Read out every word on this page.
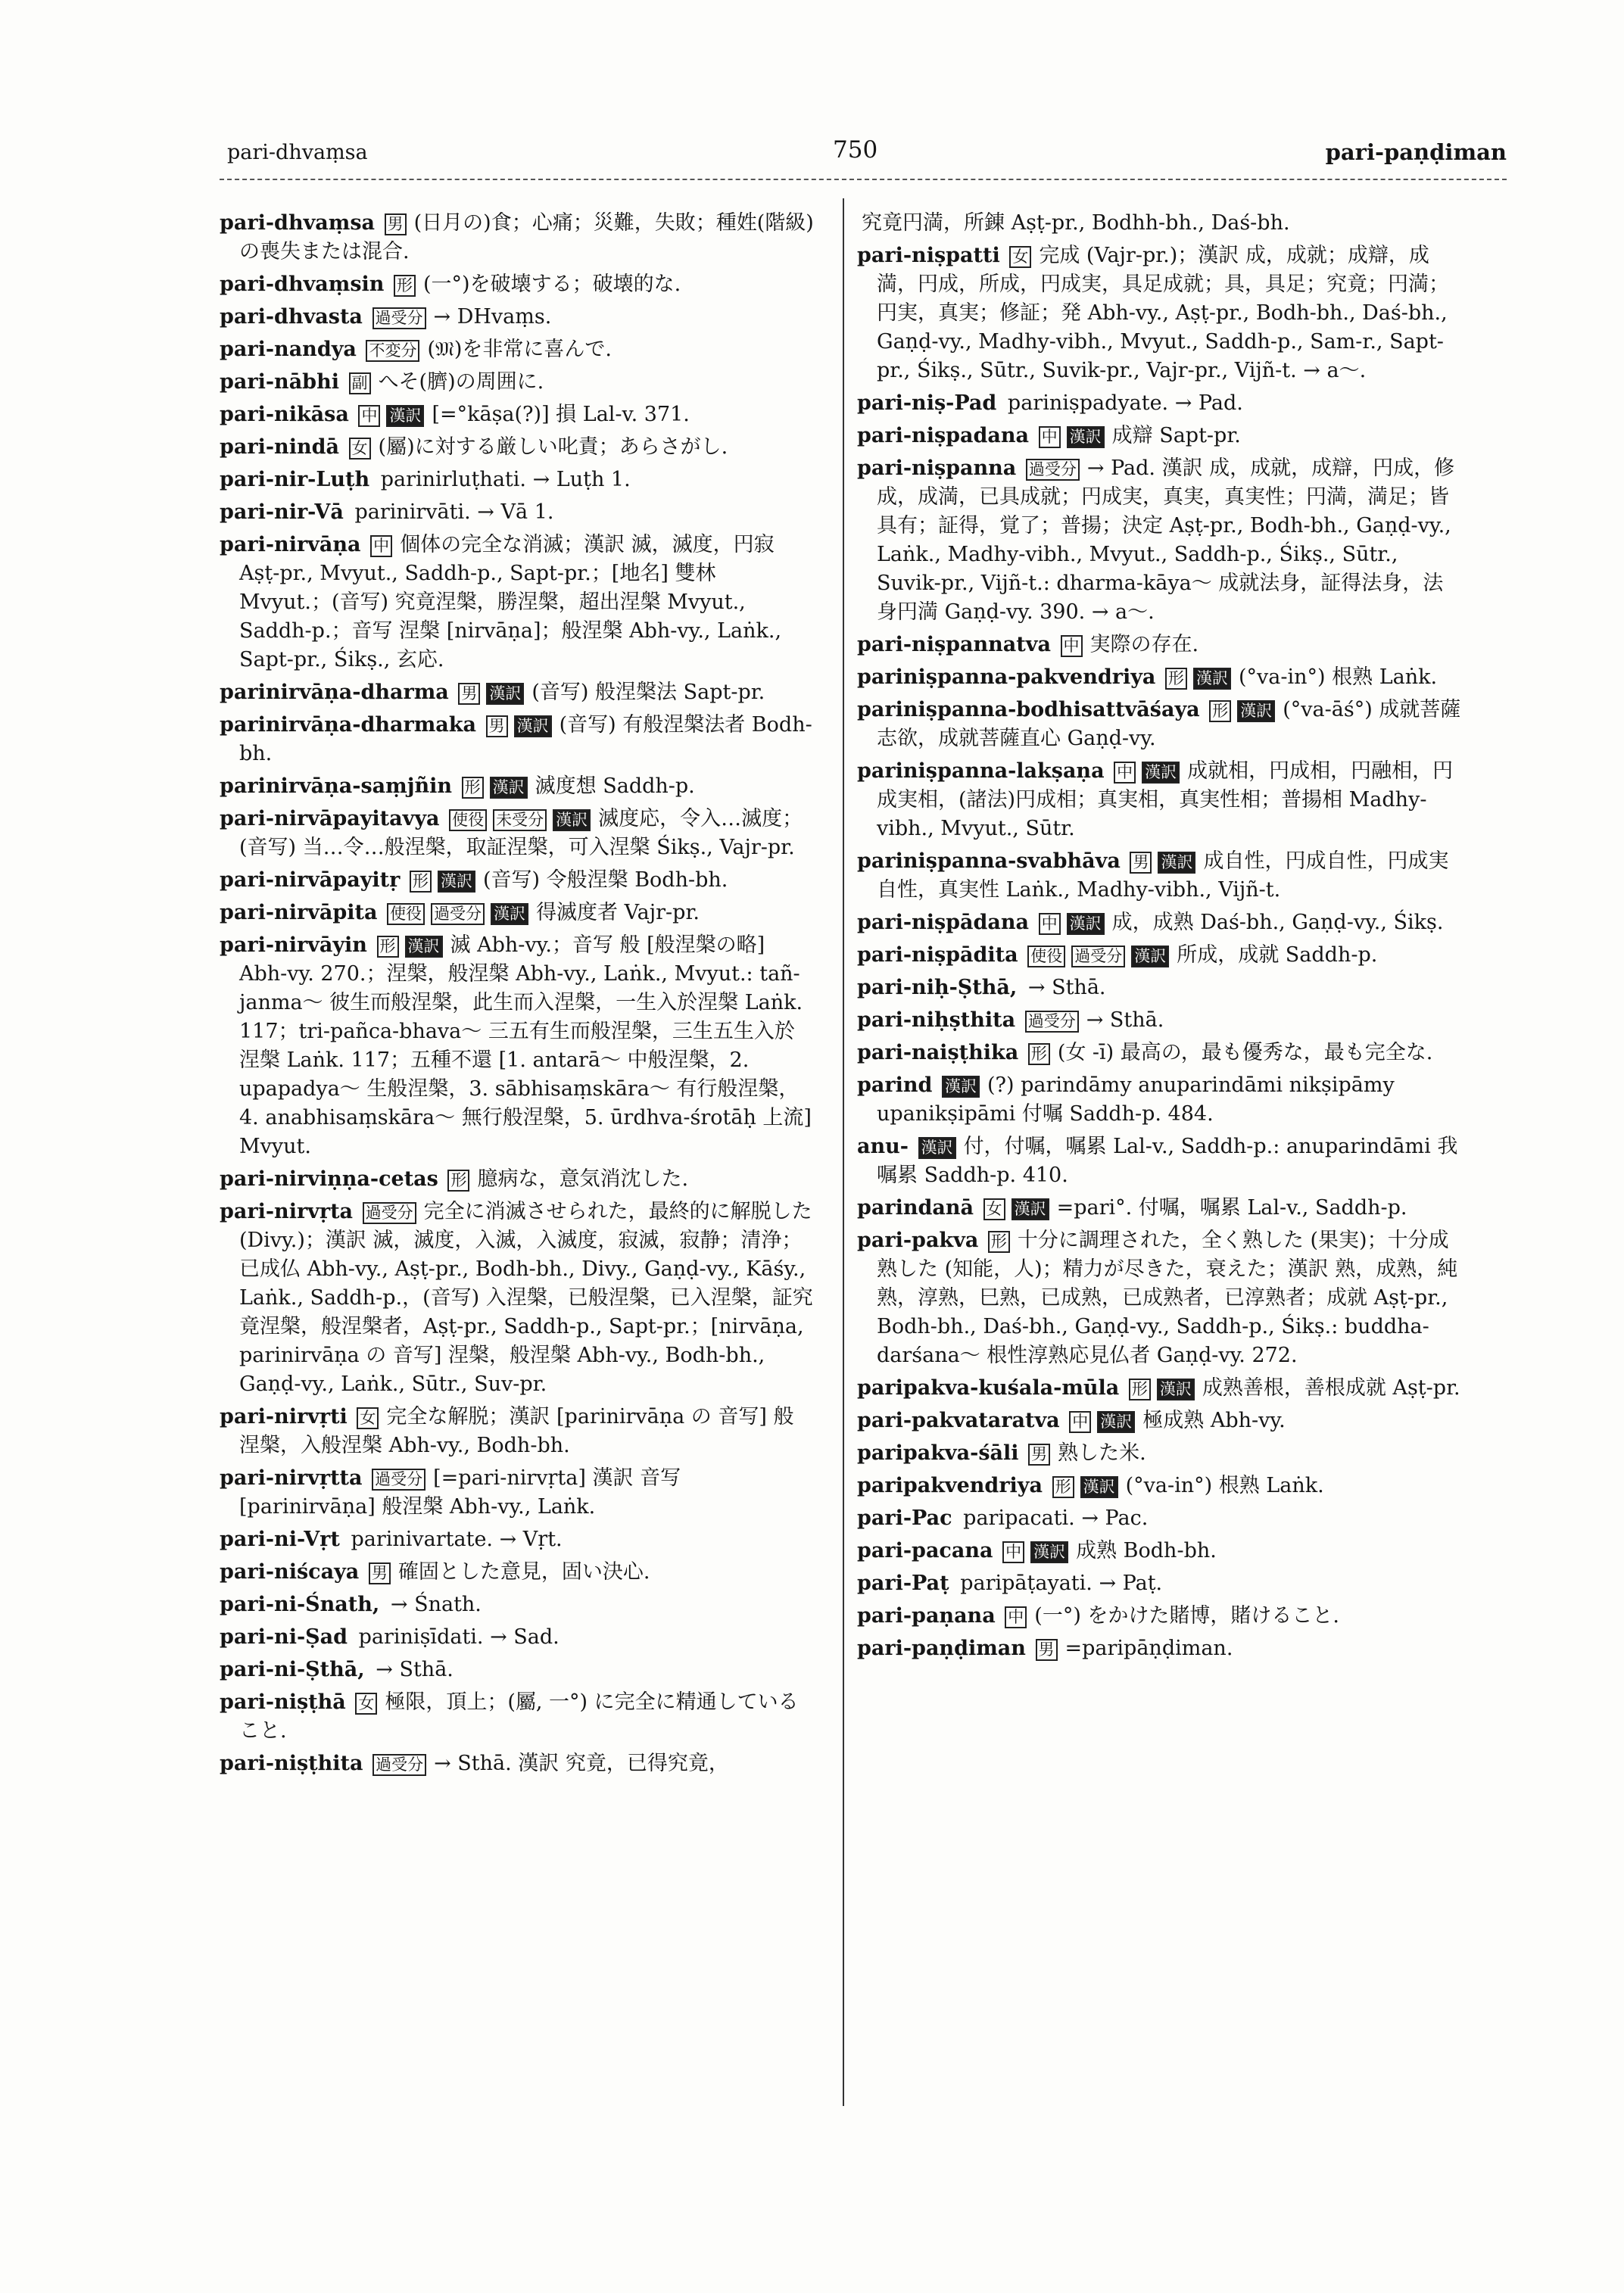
pari-dhvaṃsa	750	pari-paṇḍiman
pari-dhvaṃsa 男 (日月の)食；心痛；災難，失敗；種姓(階級)の喪失または混合.
pari-dhvaṃsin 形 (一°)を破壊する；破壊的な.
pari-dhvasta 過受分 → DHvaṃs.
pari-nandya 不変分 (𝔐)を非常に喜んで.
pari-nābhi 副 へそ(臍)の周囲に.
pari-nikāsa 中 漢訳 [=°kāṣa(?)] 損 Lal-v. 371.
pari-nindā 女 (屬)に対する厳しい叱責；あらさがし.
pari-nir-Luṭh parinirluṭhati. → Luṭh 1.
pari-nir-Vā parinirvāti. → Vā 1.
pari-nirvāṇa 中 個体の完全な消滅；漢訳 滅，滅度，円寂 Aṣṭ-pr., Mvyut., Saddh-p., Sapt-pr.；[地名] 雙林 Mvyut.；(音写) 究竟涅槃，勝涅槃，超出涅槃 Mvyut., Saddh-p.；音写 涅槃 [nirvāṇa]；般涅槃 Abh-vy., Laṅk., Sapt-pr., Śikṣ., 玄応.
parinirvāṇa-dharma 男 漢訳 (音写) 般涅槃法 Sapt-pr.
parinirvāṇa-dharmaka 男 漢訳 (音写) 有般涅槃法者 Bodh-bh.
parinirvāṇa-saṃjñin 形 漢訳 滅度想 Saddh-p.
pari-nirvāpayitavya 使役 未受分 漢訳 滅度応，令入…滅度；(音写) 当…令…般涅槃，取証涅槃，可入涅槃 Śikṣ., Vajr-pr.
pari-nirvāpayitṛ 形 漢訳 (音写) 令般涅槃 Bodh-bh.
pari-nirvāpita 使役 過受分 漢訳 得滅度者 Vajr-pr.
pari-nirvāyin 形 漢訳 滅 Abh-vy.；音写 般 [般涅槃の略] Abh-vy. 270.；涅槃，般涅槃 Abh-vy., Laṅk., Mvyut.: tañ-janma〜 彼生而般涅槃，此生而入涅槃，一生入於涅槃 Laṅk. 117；tri-pañca-bhava〜 三五有生而般涅槃，三生五生入於涅槃 Laṅk. 117；五種不還 [1. antarā〜 中般涅槃，2. upapadya〜 生般涅槃，3. sābhisaṃskāra〜 有行般涅槃，4. anabhisaṃskāra〜 無行般涅槃，5. ūrdhva-śrotāḥ 上流] Mvyut.
pari-nirviṇṇa-cetas 形 臆病な，意気消沈した.
pari-nirvṛta 過受分 完全に消滅させられた，最終的に解脱した (Divy.)；漢訳 滅，滅度，入滅，入滅度，寂滅，寂静；清浄；已成仏 Abh-vy., Aṣṭ-pr., Bodh-bh., Divy., Gaṇḍ-vy., Kāśy., Laṅk., Saddh-p.，(音写) 入涅槃，已般涅槃，已入涅槃，証究竟涅槃，般涅槃者，Aṣṭ-pr., Saddh-p., Sapt-pr.；[nirvāṇa, parinirvāṇa の 音写] 涅槃，般涅槃 Abh-vy., Bodh-bh., Gaṇḍ-vy., Laṅk., Sūtr., Suv-pr.
pari-nirvṛti 女 完全な解脱；漢訳 [parinirvāṇa の 音写] 般涅槃，入般涅槃 Abh-vy., Bodh-bh.
pari-nirvṛtta 過受分 [=pari-nirvṛta] 漢訳 音写 [parinirvāṇa] 般涅槃 Abh-vy., Laṅk.
pari-ni-Vṛt parinivartate. → Vṛt.
pari-niścaya 男 確固とした意見，固い決心.
pari-ni-Śnath, → Śnath.
pari-ni-Ṣad pariniṣīdati. → Sad.
pari-ni-Ṣthā, → Sthā.
pari-niṣṭhā 女 極限，頂上；(屬, 一°) に完全に精通していること.
pari-niṣṭhita 過受分 → Sthā. 漢訳 究竟，已得究竟，
究竟円満，所錬 Aṣṭ-pr., Bodhh-bh., Daś-bh.
pari-niṣpatti 女 完成 (Vajr-pr.)；漢訳 成，成就；成辯，成満，円成，所成，円成実，具足成就；具，具足；究竟；円満；円実，真実；修証；発 Abh-vy., Aṣṭ-pr., Bodh-bh., Daś-bh., Gaṇḍ-vy., Madhy-vibh., Mvyut., Saddh-p., Sam-r., Sapt-pr., Śikṣ., Sūtr., Suvik-pr., Vajr-pr., Vijñ-t. → a〜.
pari-niṣ-Pad pariniṣpadyate. → Pad.
pari-niṣpadana 中 漢訳 成辯 Sapt-pr.
pari-niṣpanna 過受分 → Pad. 漢訳 成，成就，成辯，円成，修成，成満，已具成就；円成実，真実，真実性；円満，満足；皆具有；証得，覚了；普揚；決定 Aṣṭ-pr., Bodh-bh., Gaṇḍ-vy., Laṅk., Madhy-vibh., Mvyut., Saddh-p., Śikṣ., Sūtr., Suvik-pr., Vijñ-t.: dharma-kāya〜 成就法身，証得法身，法身円満 Gaṇḍ-vy. 390. → a〜.
pari-niṣpannatva 中 実際の存在.
pariniṣpanna-pakvendriya 形 漢訳 (°va-in°) 根熟 Laṅk.
pariniṣpanna-bodhisattvāśaya 形 漢訳 (°va-āś°) 成就菩薩志欲，成就菩薩直心 Gaṇḍ-vy.
pariniṣpanna-lakṣaṇa 中 漢訳 成就相，円成相，円融相，円成実相，(諸法)円成相；真実相，真実性相；普揚相 Madhy-vibh., Mvyut., Sūtr.
pariniṣpanna-svabhāva 男 漢訳 成自性，円成自性，円成実自性，真実性 Laṅk., Madhy-vibh., Vijñ-t.
pari-niṣpādana 中 漢訳 成，成熟 Daś-bh., Gaṇḍ-vy., Śikṣ.
pari-niṣpādita 使役 過受分 漢訳 所成，成就 Saddh-p.
pari-niḥ-Ṣthā, → Sthā.
pari-niḥṣthita 過受分 → Sthā.
pari-naiṣṭhika 形 (女 -ī) 最高の，最も優秀な，最も完全な.
parind 漢訳 (?) parindāmy anuparindāmi nikṣipāmy upanikṣipāmi 付嘱 Saddh-p. 484.
anu- 漢訳 付，付嘱，嘱累 Lal-v., Saddh-p.: anuparindāmi 我嘱累 Saddh-p. 410.
parindanā 女 漢訳 =pari°. 付嘱，嘱累 Lal-v., Saddh-p.
pari-pakva 形 十分に調理された，全く熟した (果実)；十分成熟した (知能，人)；精力が尽きた，衰えた；漢訳 熟，成熟，純熟，淳熟，巳熟，已成熟，已成熟者，已淳熟者；成就 Aṣṭ-pr., Bodh-bh., Daś-bh., Gaṇḍ-vy., Saddh-p., Śikṣ.: buddha-darśana〜 根性淳熟応見仏者 Gaṇḍ-vy. 272.
paripakva-kuśala-mūla 形 漢訳 成熟善根，善根成就 Aṣṭ-pr.
pari-pakvataratva 中 漢訳 極成熟 Abh-vy.
paripakva-śāli 男 熟した米.
paripakvendriya 形 漢訳 (°va-in°) 根熟 Laṅk.
pari-Pac paripacati. → Pac.
pari-pacana 中 漢訳 成熟 Bodh-bh.
pari-Paṭ paripāṭayati. → Paṭ.
pari-paṇana 中 (一°) をかけた賭博，賭けること.
pari-paṇḍiman 男 =paripāṇḍiman.
